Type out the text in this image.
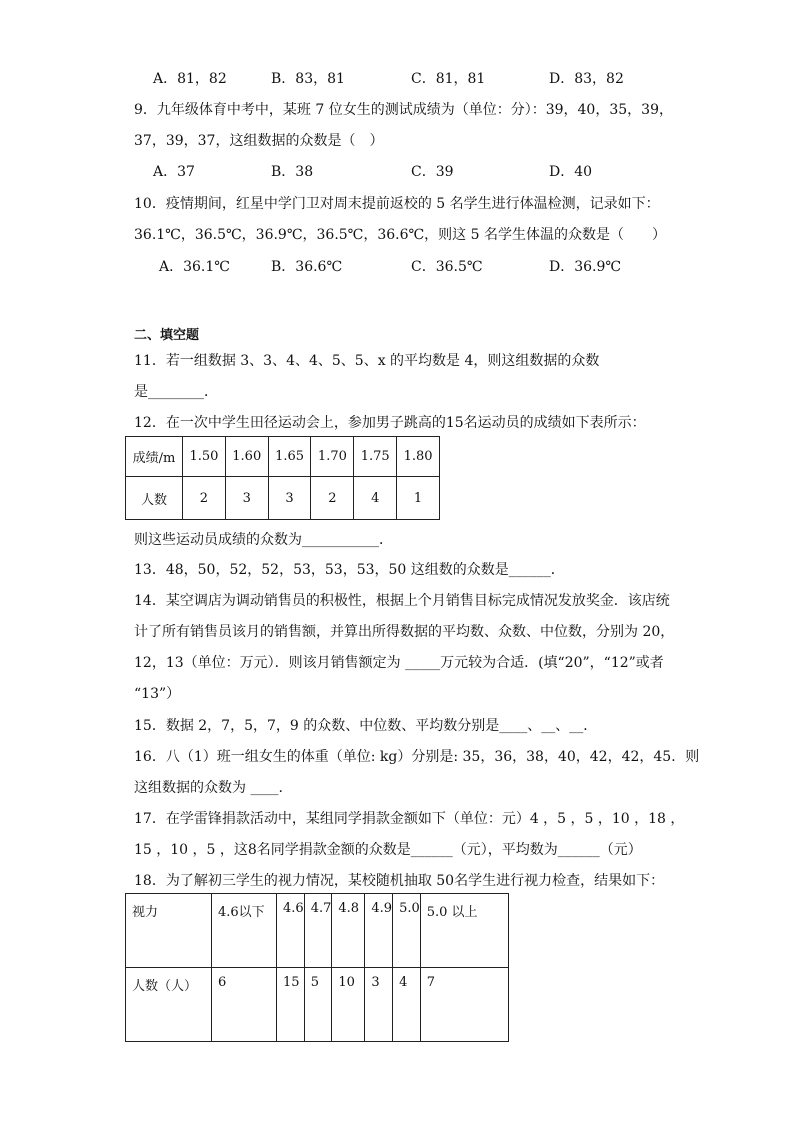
A．81，82	B．83，81	C．81，81	D．83，82
9．九年级体育中考中，某班 7 位女生的测试成绩为（单位：分）：39，40，35，39，
37，39，37，这组数据的众数是（　）
A．37	B．38	C．39	D．40
10．疫情期间，红星中学门卫对周末提前返校的 5 名学生进行体温检测，记录如下：
36.1℃，36.5℃，36.9℃，36.5℃，36.6℃，则这 5 名学生体温的众数是（　　）
A．36.1℃	B．36.6℃	C．36.5℃	D．36.9℃
二、填空题
11．若一组数据 3、3、4、4、5、5、x 的平均数是 4，则这组数据的众数
是________．
12．在一次中学生田径运动会上，参加男子跳高的15名运动员的成绩如下表所示：
成绩/m	1.50	1.60	1.65	1.70	1.75	1.80
人数	2	3	3	2	4	1
则这些运动员成绩的众数为___________．
13．48，50，52，52，53，53，53，50 这组数的众数是______．
14．某空调店为调动销售员的积极性，根据上个月销售目标完成情况发放奖金．该店统
计了所有销售员该月的销售额，并算出所得数据的平均数、众数、中位数，分别为 20，
12，13（单位：万元）．则该月销售额定为 _____万元较为合适．(填“20”，“12”或者
“13”）
15．数据 2，7，5，7，9 的众数、中位数、平均数分别是____、__、__．
16．八（1）班一组女生的体重（单位: kg）分别是: 35，36，38，40，42，42，45．则
这组数据的众数为 ____.
17．在学雷锋捐款活动中，某组同学捐款金额如下（单位：元）4 ，5 ，5 ，10 ，18 ，
15 ，10 ，5 ，这8名同学捐款金额的众数是______（元），平均数为______（元）
18．为了解初三学生的视力情况，某校随机抽取 50名学生进行视力检查，结果如下：
视力	4.6以下	4.6	4.7	4.8	4.9	5.0	5.0 以上
人数（人）	6	15	5	10	3	4	7
